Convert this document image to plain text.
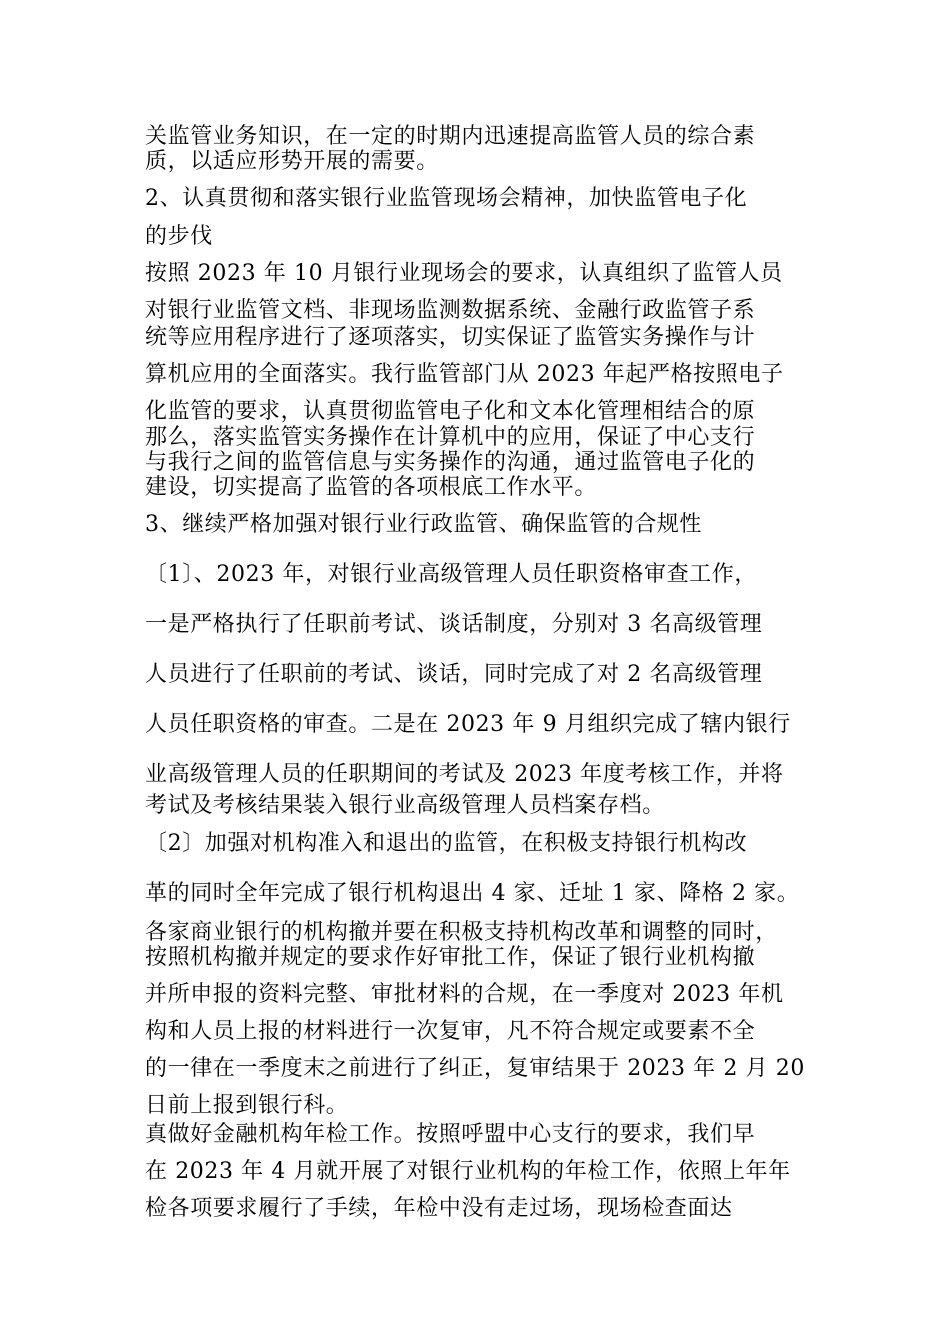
关监管业务知识，在一定的时期内迅速提高监管人员的综合素
质，以适应形势开展的需要。
2、认真贯彻和落实银行业监管现场会精神，加快监管电子化
的步伐
按照 2023 年 10 月银行业现场会的要求，认真组织了监管人员
对银行业监管文档、非现场监测数据系统、金融行政监管子系
统等应用程序进行了逐项落实，切实保证了监管实务操作与计
算机应用的全面落实。我行监管部门从 2023 年起严格按照电子
化监管的要求，认真贯彻监管电子化和文本化管理相结合的原
那么，落实监管实务操作在计算机中的应用，保证了中心支行
与我行之间的监管信息与实务操作的沟通，通过监管电子化的
建设，切实提高了监管的各项根底工作水平。
3、继续严格加强对银行业行政监管、确保监管的合规性
〔1〕、2023 年，对银行业高级管理人员任职资格审查工作，
一是严格执行了任职前考试、谈话制度，分别对 3 名高级管理
人员进行了任职前的考试、谈话，同时完成了对 2 名高级管理
人员任职资格的审查。二是在 2023 年 9 月组织完成了辖内银行
业高级管理人员的任职期间的考试及 2023 年度考核工作，并将
考试及考核结果装入银行业高级管理人员档案存档。
〔2〕加强对机构准入和退出的监管，在积极支持银行机构改
革的同时全年完成了银行机构退出 4 家、迁址 1 家、降格 2 家。
各家商业银行的机构撤并要在积极支持机构改革和调整的同时，
按照机构撤并规定的要求作好审批工作，保证了银行业机构撤
并所申报的资料完整、审批材料的合规，在一季度对 2023 年机
构和人员上报的材料进行一次复审，凡不符合规定或要素不全
的一律在一季度末之前进行了纠正，复审结果于 2023 年 2 月 20
日前上报到银行科。
真做好金融机构年检工作。按照呼盟中心支行的要求，我们早
在 2023 年 4 月就开展了对银行业机构的年检工作，依照上年年
检各项要求履行了手续，年检中没有走过场，现场检查面达
